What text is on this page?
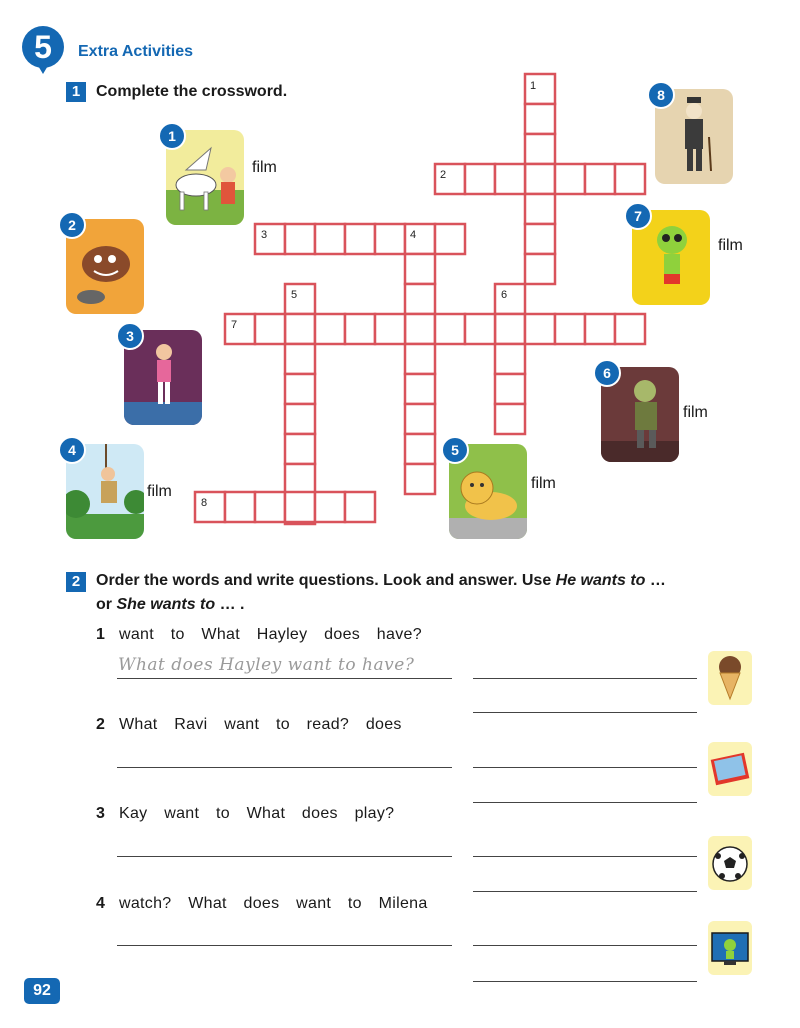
5	Extra Activities
1 Complete the crossword.	1
2
3	4
5	6
7
8
1
film
2
3
4
film
5
film
6
film
7
film
8
2 Order the words and write questions. Look and answer. Use He wants to …
or She wants to … .
1 want to What Hayley does have?
What does Hayley want to have?
2 What Ravi want to read? does
3 Kay want to What does play?
4 watch? What does want to Milena
92
